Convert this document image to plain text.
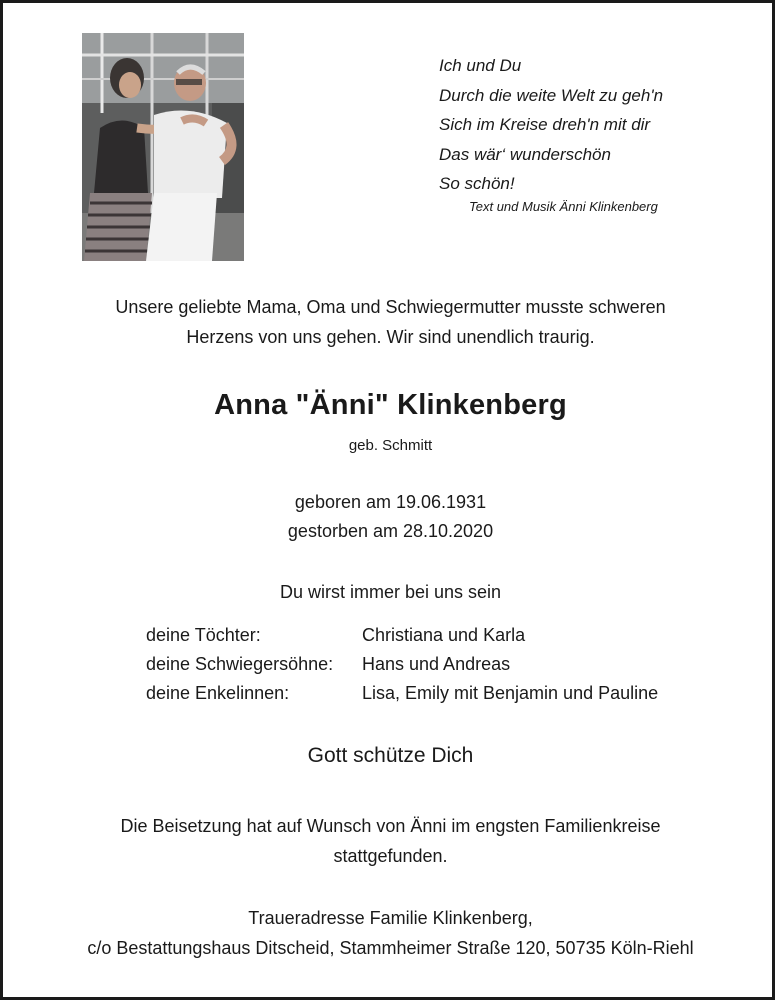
Ich und Du
Durch die weite Welt zu geh'n
Sich im Kreise dreh'n mit dir
Das wär‘ wunderschön
So schön!
Text und Musik Änni Klinkenberg
Unsere geliebte Mama, Oma und Schwiegermutter musste schweren
Herzens von uns gehen. Wir sind unendlich traurig.
Anna "Änni" Klinkenberg
geb. Schmitt
geboren am 19.06.1931
gestorben am 28.10.2020
Du wirst immer bei uns sein
deine Töchter:	Christiana und Karla
deine Schwiegersöhne:	Hans und Andreas
deine Enkelinnen:	Lisa, Emily mit Benjamin und Pauline
Gott schütze Dich
Die Beisetzung hat auf Wunsch von Änni im engsten Familienkreise
stattgefunden.
Traueradresse Familie Klinkenberg,
c/o Bestattungshaus Ditscheid, Stammheimer Straße 120, 50735 Köln-Riehl
